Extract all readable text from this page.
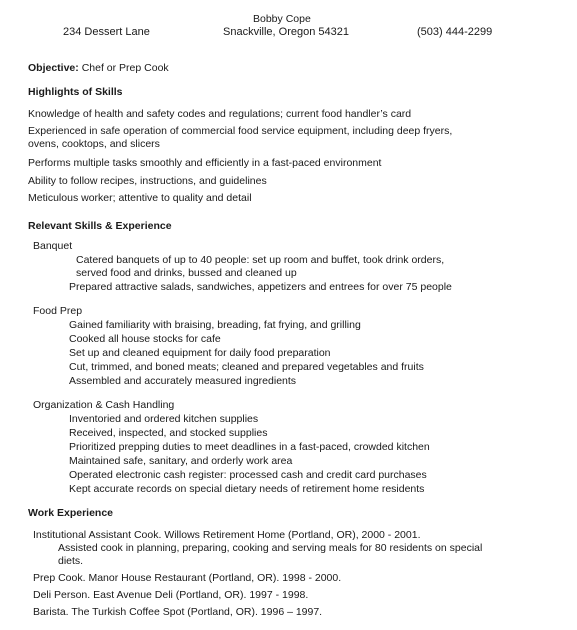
Bobby Cope
234 Dessert Lane	Snackville, Oregon 54321	(503) 444-2299
Objective: Chef or Prep Cook
Highlights of Skills
Knowledge of health and safety codes and regulations; current food handler’s card
Experienced in safe operation of commercial food service equipment, including deep fryers,
ovens, cooktops, and slicers
Performs multiple tasks smoothly and efficiently in a fast-paced environment
Ability to follow recipes, instructions, and guidelines
Meticulous worker; attentive to quality and detail
Relevant Skills & Experience
Banquet
Catered banquets of up to 40 people: set up room and buffet, took drink orders,
served food and drinks, bussed and cleaned up
Prepared attractive salads, sandwiches, appetizers and entrees for over 75 people
Food Prep
Gained familiarity with braising, breading, fat frying, and grilling
Cooked all house stocks for cafe
Set up and cleaned equipment for daily food preparation
Cut, trimmed, and boned meats; cleaned and prepared vegetables and fruits
Assembled and accurately measured ingredients
Organization & Cash Handling
Inventoried and ordered kitchen supplies
Received, inspected, and stocked supplies
Prioritized prepping duties to meet deadlines in a fast-paced, crowded kitchen
Maintained safe, sanitary, and orderly work area
Operated electronic cash register: processed cash and credit card purchases
Kept accurate records on special dietary needs of retirement home residents
Work Experience
Institutional Assistant Cook. Willows Retirement Home (Portland, OR), 2000 - 2001.
Assisted cook in planning, preparing, cooking and serving meals for 80 residents on special
diets.
Prep Cook. Manor House Restaurant (Portland, OR). 1998 - 2000.
Deli Person. East Avenue Deli (Portland, OR). 1997 - 1998.
Barista. The Turkish Coffee Spot (Portland, OR). 1996 – 1997.
